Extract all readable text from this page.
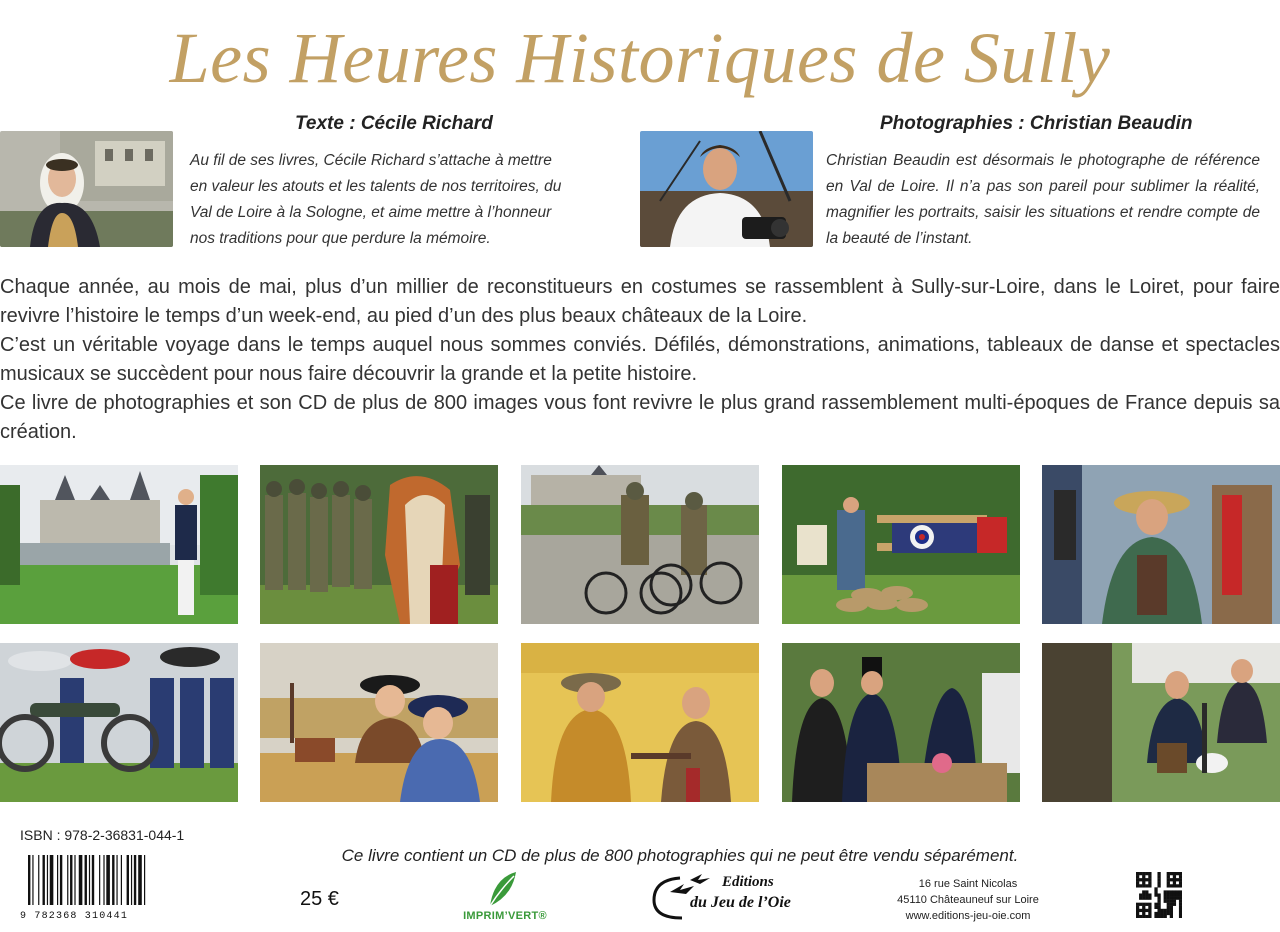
Les Heures Historiques de Sully
Texte : Cécile Richard
Au fil de ses livres, Cécile Richard s’attache à mettre
en valeur les atouts et les talents de nos territoires, du
Val de Loire à la Sologne, et aime mettre à l’honneur
nos traditions pour que perdure la mémoire.
Photographies : Christian Beaudin
Christian Beaudin est désormais le photographe de référence en Val de Loire. Il n’a pas son pareil pour sublimer la réalité, magnifier les portraits, saisir les situations et rendre compte de la beauté de l’instant.

Chaque année, au mois de mai, plus d’un millier de reconstitueurs en costumes se rassemblent à Sully-sur-Loire, dans le Loiret, pour faire revivre l’histoire le temps d’un week-end, au pied d’un des plus beaux châteaux de la Loire.

C’est un véritable voyage dans le temps auquel nous sommes conviés. Défilés, démonstrations, animations, tableaux de danse et spectacles musicaux se succèdent pour nous faire découvrir la grande et la petite histoire.

Ce livre de photographies et son CD de plus de 800 images vous font revivre le plus grand rassemblement multi-époques de France depuis sa création.

ISBN : 978-2-36831-044-1
9 782368 310441
25 €
Ce livre contient un CD de plus de 800 photographies qui ne peut être vendu séparément.
IMPRIM’VERT®
Editions
du Jeu de l’Oie
16 rue Saint Nicolas
45110 Châteauneuf sur Loire
www.editions-jeu-oie.com
